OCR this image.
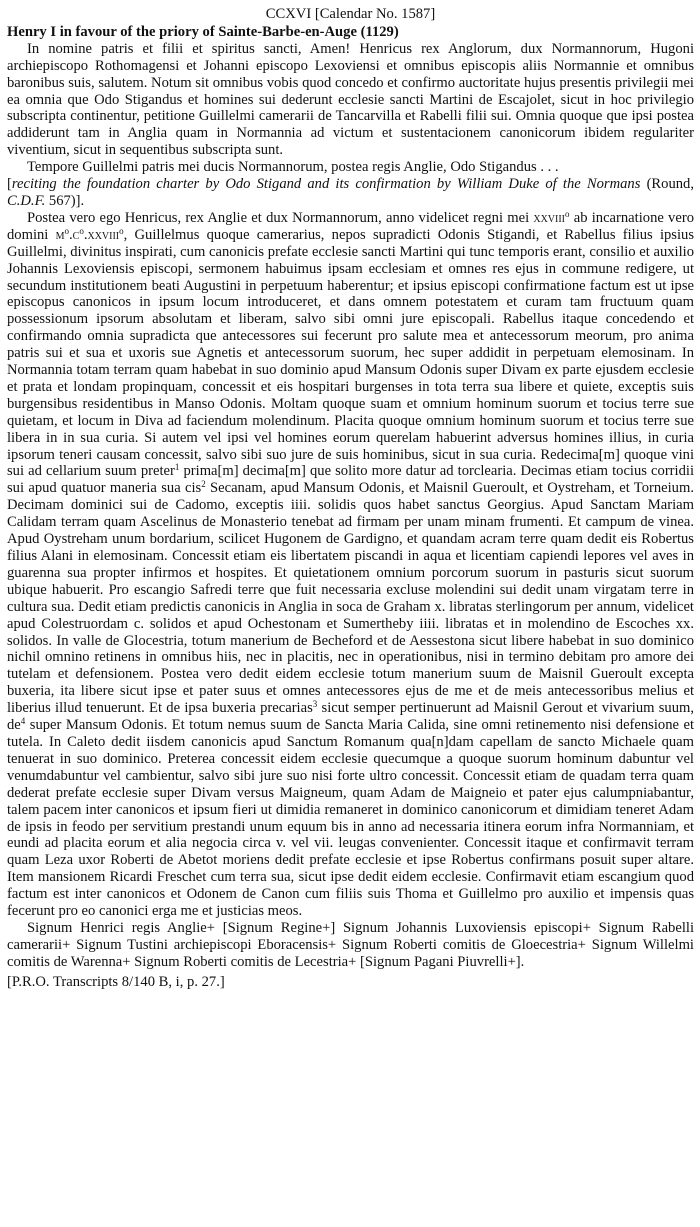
CCXVI [Calendar No. 1587]
Henry I in favour of the priory of Sainte-Barbe-en-Auge (1129)

In nomine patris et filii et spiritus sancti, Amen! Henricus rex Anglorum, dux Normannorum, Hugoni archiepiscopo Rothomagensi et Johanni episcopo Lexoviensi et omnibus episcopis aliis Normannie et omnibus baronibus suis, salutem. Notum sit omnibus vobis quod concedo et confirmo auctoritate hujus presentis privilegii mei ea omnia que Odo Stigandus et homines sui dederunt ecclesie sancti Martini de Escajolet, sicut in hoc privilegio subscripta continentur, petitione Guillelmi camerarii de Tancarvilla et Rabelli filii sui. Omnia quoque que ipsi postea addiderunt tam in Anglia quam in Normannia ad victum et sustentacionem canonicorum ibidem regulariter viventium, sicut in sequentibus subscripta sunt.

Tempore Guillelmi patris mei ducis Normannorum, postea regis Anglie, Odo Stigandus . . .
[reciting the foundation charter by Odo Stigand and its confirmation by William Duke of the Normans (Round, C.D.F. 567)].

Postea vero ego Henricus, rex Anglie et dux Normannorum, anno videlicet regni mei xxviii$^o$ ab incarnatione vero domini $m^o.c^o.xxviii^o$, Guillelmus quoque camerarius, nepos supradicti Odonis Stigandi, et Rabellus filius ipsius Guillelmi, divinitus inspirati, cum canonicis prefate ecclesie sancti Martini qui tunc temporis erant, consilio et auxilio Johannis Lexoviensis episcopi, sermonem habuimus ipsam ecclesiam et omnes res ejus in commune redigere, ut secundum institutionem beati Augustini in perpetuum haberentur; et ipsius episcopi confirmatione factum est ut ipse episcopus canonicos in ipsum locum introduceret, et dans omnem potestatem et curam tam fructuum quam possessionum ipsorum absolutam et liberam, salvo sibi omni jure episcopali. Rabellus itaque concedendo et confirmando omnia supradicta que antecessores sui fecerunt pro salute mea et antecessorum meorum, pro anima patris sui et sua et uxoris sue Agnetis et antecessorum suorum, hec super addidit in perpetuam elemosinam. In Normannia totam terram quam habebat in suo dominio apud Mansum Odonis super Divam ex parte ejusdem ecclesie et prata et londam propinquam, concessit et eis hospitari burgenses in tota terra sua libere et quiete, exceptis suis burgensibus residentibus in Manso Odonis. Moltam quoque suam et omnium hominum suorum et tocius terre sue quietam, et locum in Diva ad faciendum molendinum. Placita quoque omnium hominum suorum et tocius terre sue libera in in sua curia. Si autem vel ipsi vel homines eorum querelam habuerint adversus homines illius, in curia ipsorum teneri causam concessit, salvo sibi suo jure de suis hominibus, sicut in sua curia. Redecima[m] quoque vini sui ad cellarium suum preter$^1$ prima[m] decima[m] que solito more datur ad torclearia. Decimas etiam tocius corridii sui apud quatuor maneria sua cis$^2$ Secanam, apud Mansum Odonis, et Maisnil Gueroult, et Oystreham, et Torneium. Decimam dominici sui de Cadomo, exceptis iiii. solidis quos habet sanctus Georgius. Apud Sanctam Mariam Calidam terram quam Ascelinus de Monasterio tenebat ad firmam per unam minam frumenti. Et campum de vinea. Apud Oystreham unum bordarium, scilicet Hugonem de Gardigno, et quandam acram terre quam dedit eis Robertus filius Alani in elemosinam. Concessit etiam eis libertatem piscandi in aqua et licentiam capiendi lepores vel aves in guarenna sua propter infirmos et hospites. Et quietationem omnium porcorum suorum in pasturis sicut suorum ubique habuerit. Pro escangio Safredi terre que fuit necessaria excluse molendini sui dedit unam virgatam terre in cultura sua. Dedit etiam predictis canonicis in Anglia in soca de Graham x. libratas sterlingorum per annum, videlicet apud Colestruordam c. solidos et apud Ochestonam et Sumertheby iiii. libratas et in molendino de Escoches xx. solidos. In valle de Glocestria, totum manerium de Becheford et de Aessestona sicut libere habebat in suo dominico nichil omnino retinens in omnibus hiis, nec in placitis, nec in operationibus, nisi in termino debitam pro amore dei tutelam et defensionem. Postea vero dedit eidem ecclesie totum manerium suum de Maisnil Gueroult excepta buxeria, ita libere sicut ipse et pater suus et omnes antecessores ejus de me et de meis antecessoribus melius et liberius illud tenuerunt. Et de ipsa buxeria precarias$^3$ sicut semper pertinuerunt ad Maisnil Gerout et vivarium suum, $de^4$ super Mansum Odonis. Et totum nemus suum de Sancta Maria Calida, sine omni retinemento nisi defensione et tutela. In Caleto dedit iisdem canonicis apud Sanctum Romanum qua[n]dam capellam de sancto Michaele quam tenuerat in suo dominico. Preterea concessit eidem ecclesie quecumque a quoque suorum hominum dabuntur vel venumdabuntur vel cambientur, salvo sibi jure suo nisi forte ultro concessit. Concessit etiam de quadam terra quam dederat prefate ecclesie super Divam versus Maigneum, quam Adam de Maigneio et pater ejus calumpniabantur, talem pacem inter canonicos et ipsum fieri ut dimidia remaneret in dominico canonicorum et dimidiam teneret Adam de ipsis in feodo per servitium prestandi unum equum bis in anno ad necessaria itinera eorum infra Normanniam, et eundi ad placita eorum et alia negocia circa v. vel vii. leugas convenienter. Concessit itaque et confirmavit terram quam Leza uxor Roberti de Abetot moriens dedit prefate ecclesie et ipse Robertus confirmans posuit super altare. Item mansionem Ricardi Freschet cum terra sua, sicut ipse dedit eidem ecclesie. Confirmavit etiam escangium quod factum est inter canonicos et Odonem de Canon cum filiis suis Thoma et Guillelmo pro auxilio et impensis quas fecerunt pro eo canonici erga me et justicias meos.

Signum Henrici regis Anglie+ [Signum Regine+] Signum Johannis Luxoviensis episcopi+ Signum Rabelli camerarii+ Signum Tustini archiepiscopi Eboracensis+ Signum Roberti comitis de Gloecestria+ Signum Willelmi comitis de Warenna+ Signum Roberti comitis de Lecestria+ [Signum Pagani Piuvrelli+].

[P.R.O. Transcripts 8/140 B, i, p. 27.]
